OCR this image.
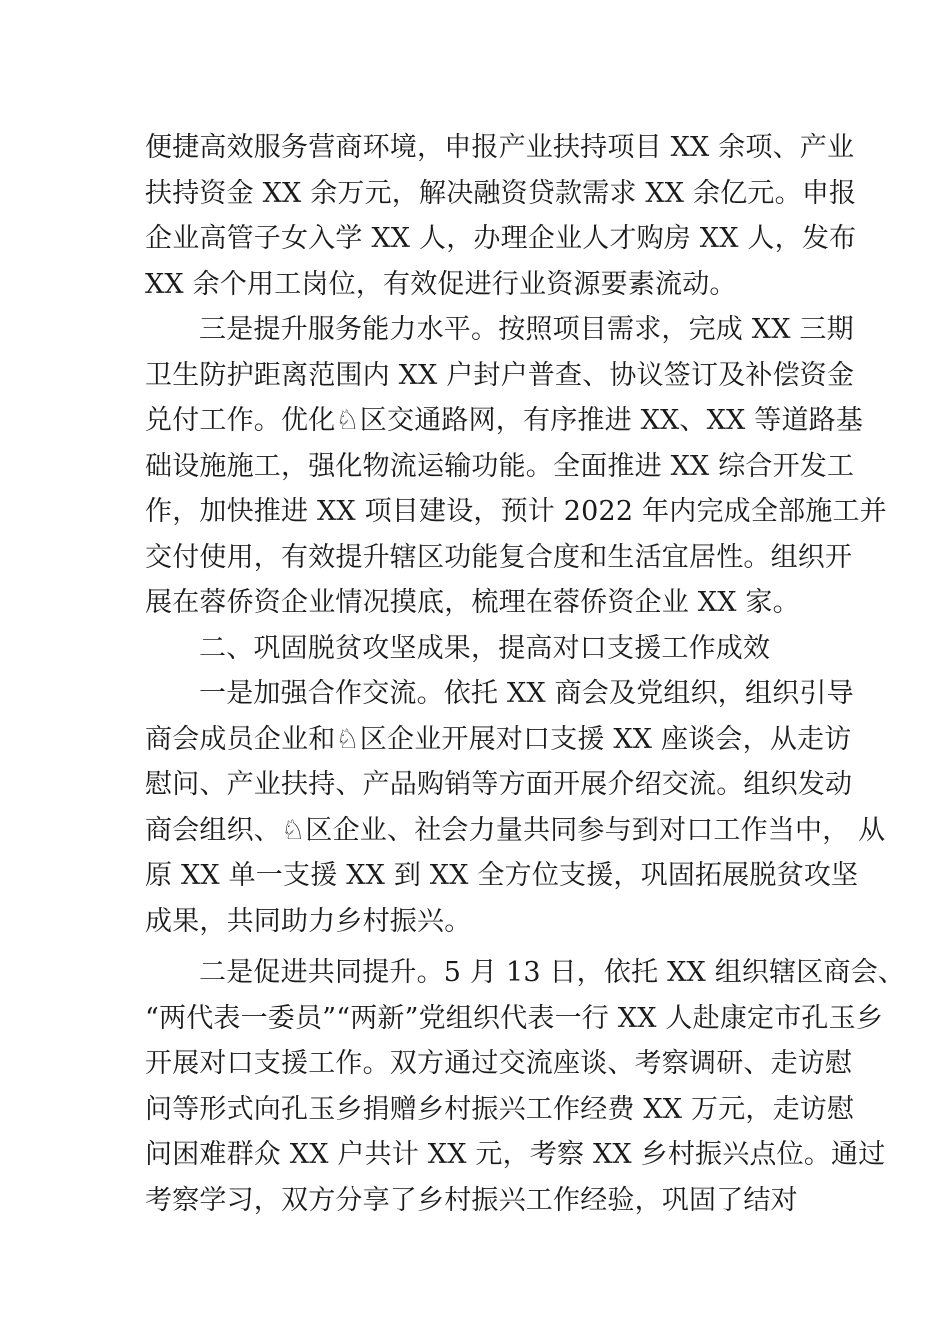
便捷高效服务营商环境，申报产业扶持项目 XX 余项、产业
扶持资金 XX 余万元，解决融资贷款需求 XX 余亿元。申报
企业高管子女入学 XX 人，办理企业人才购房 XX 人，发布
XX 余个用工岗位，有效促进行业资源要素流动。
三是提升服务能力水平。按照项目需求，完成 XX 三期
卫生防护距离范围内 XX 户封户普查、协议签订及补偿资金
兑付工作。优化♘区交通路网，有序推进 XX、XX 等道路基
础设施施工，强化物流运输功能。全面推进 XX 综合开发工
作，加快推进 XX 项目建设，预计 2022 年内完成全部施工并
交付使用，有效提升辖区功能复合度和生活宜居性。组织开
展在蓉侨资企业情况摸底，梳理在蓉侨资企业 XX 家。
二、巩固脱贫攻坚成果，提高对口支援工作成效
一是加强合作交流。依托 XX 商会及党组织，组织引导
商会成员企业和♘区企业开展对口支援 XX 座谈会，从走访
慰问、产业扶持、产品购销等方面开展介绍交流。组织发动
商会组织、♘区企业、社会力量共同参与到对口工作当中， 从
原 XX 单一支援 XX 到 XX 全方位支援，巩固拓展脱贫攻坚
成果，共同助力乡村振兴。
二是促进共同提升。5 月 13 日，依托 XX 组织辖区商会、
“两代表一委员”“两新”党组织代表一行 XX 人赴康定市孔玉乡
开展对口支援工作。双方通过交流座谈、考察调研、走访慰
问等形式向孔玉乡捐赠乡村振兴工作经费 XX 万元，走访慰
问困难群众 XX 户共计 XX 元，考察 XX 乡村振兴点位。通过
考察学习，双方分享了乡村振兴工作经验，巩固了结对
